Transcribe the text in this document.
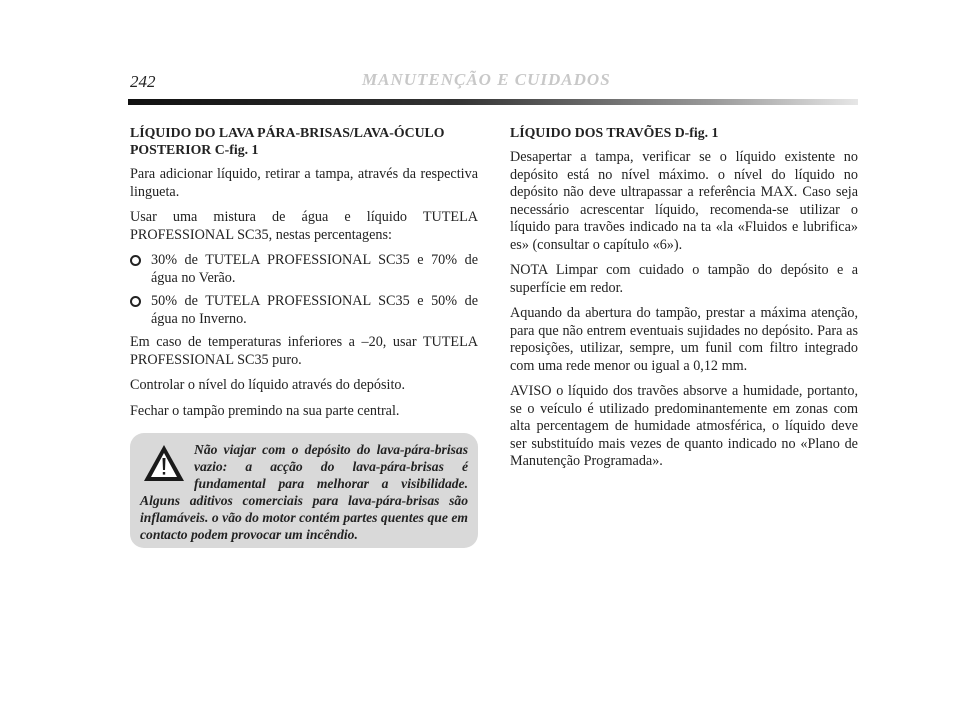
242	MANUTENÇÃO E CUIDADOS
LÍQUIDO DO LAVA PÁRA-BRISAS/LAVA-ÓCULO POSTERIOR C-fig. 1

Para adicionar líquido, retirar a tampa, através da respectiva lingueta.

Usar uma mistura de água e líquido TUTELA PROFESSIONAL SC35, nestas percentagens:

30% de TUTELA PROFESSIONAL SC35 e 70% de água no Verão.
50% de TUTELA PROFESSIONAL SC35 e 50% de água no Inverno.

Em caso de temperaturas inferiores a –20, usar TUTELA PROFESSIONAL SC35 puro.

Controlar o nível do líquido através do depósito.

Fechar o tampão premindo na sua parte central.

Não viajar com o depósito do lava-pára-brisas vazio: a acção do lava-pára-brisas é fundamental para melhorar a visibilidade. Alguns aditivos comerciais para lava-pára-brisas são inflamáveis. o vão do motor contém partes quentes que em contacto podem provocar um incêndio.
LÍQUIDO DOS TRAVÕES D-fig. 1

Desapertar a tampa, verificar se o líquido existente no depósito está no nível máximo. o nível do líquido no depósito não deve ultrapassar a referência MAX. Caso seja necessário acrescentar líquido, recomenda-se utilizar o líquido para travões indicado na ta «la «Fluidos e lubrificа» es» (consultar o capítulo «6»).

NOTA Limpar com cuidado o tampão do depósito e a superfície em redor.

Aquando da abertura do tampão, prestar a máxima atenção, para que não entrem eventuais sujidades no depósito. Para as reposições, utilizar, sempre, um funil com filtro integrado com uma rede menor ou igual a 0,12 mm.

AVISO o líquido dos travões absorve a humidade, portanto, se o veículo é utilizado predominantemente em zonas com alta percentagem de humidade atmosférica, o líquido deve ser substituído mais vezes de quanto indicado no «Plano de Manutenção Programada».
